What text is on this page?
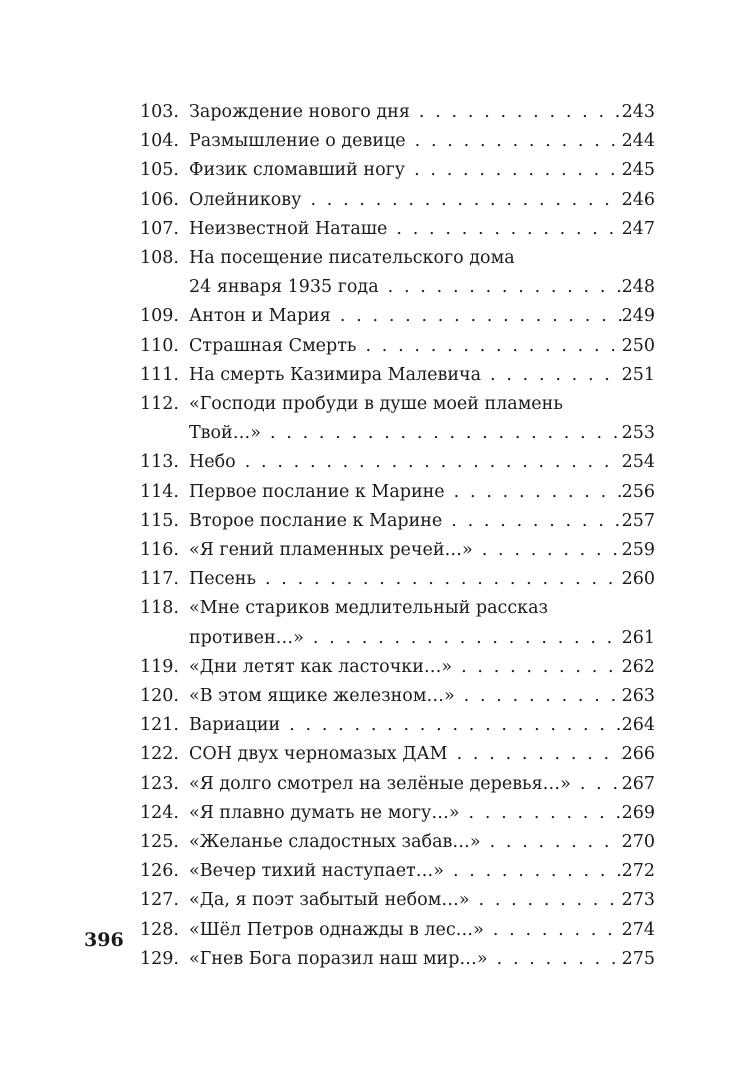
103. Зарождение нового дня . . .	243
104. Размышление о девице . . .	244
105. Физик сломавший ногу . . .	245
106. Олейникову . . .	246
107. Неизвестной Наташе . . .	247
108. На посещение писательского дома
24 января 1935 года . . .	248
109. Антон и Мария . . .	249
110. Страшная Смерть . . .	250
111. На смерть Казимира Малевича . . .	251
112. «Господи пробуди в душе моей пламень
Твой…» . . .	253
113. Небо . . .	254
114. Первое послание к Марине . . .	256
115. Второе послание к Марине . . .	257
116. «Я гений пламенных речей…» . . .	259
117. Песень . . .	260
118. «Мне стариков медлительный рассказ
противен…» . . .	261
119. «Дни летят как ласточки…» . . .	262
120. «В этом ящике железном…» . . .	263
121. Вариации . . .	264
122. СОН двух черномазых ДАМ . . .	266
123. «Я долго смотрел на зелёные деревья…» . . .	267
124. «Я плавно думать не могу…» . . .	269
125. «Желанье сладостных забав…» . . .	270
126. «Вечер тихий наступает…» . . .	272
127. «Да, я поэт забытый небом…» . . .	273
128. «Шёл Петров однажды в лес…» . . .	274
129. «Гнев Бога поразил наш мир…» . . .	275
396
